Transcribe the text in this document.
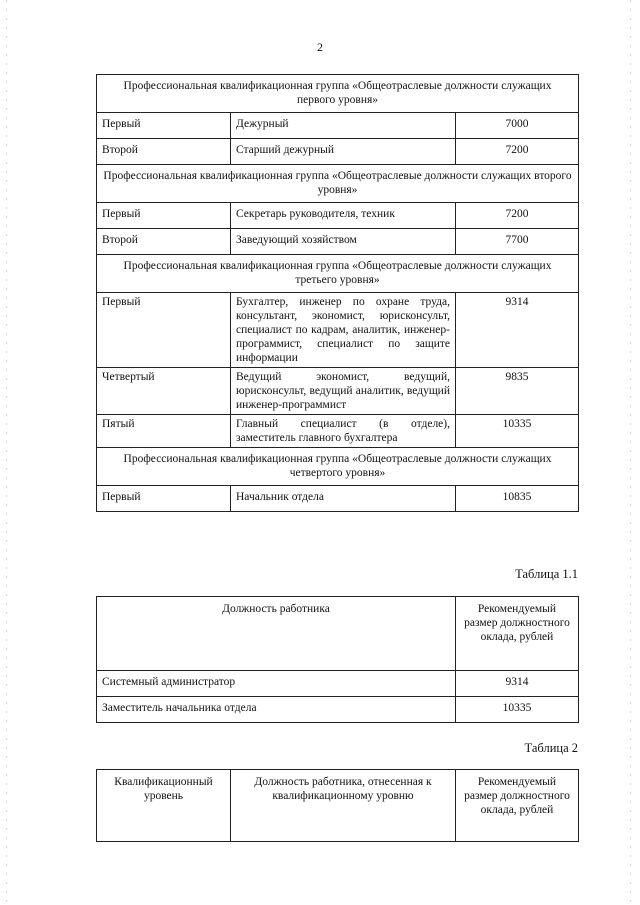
2
Профессиональная квалификационная группа «Общеотраслевые должности служащих первого уровня»		
Первый	Дежурный	7000
Второй	Старший дежурный	7200
Профессиональная квалификационная группа «Общеотраслевые должности служащих второго уровня»		
Первый	Секретарь руководителя, техник	7200
Второй	Заведующий хозяйством	7700
Профессиональная квалификационная группа «Общеотраслевые должности служащих третьего уровня»		
Первый	Бухгалтер, инженер по охране труда, консультант, экономист, юрисконсульт, специалист по кадрам, аналитик, инженер-программист, специалист по защите информации	9314
Четвертый	Ведущий экономист, ведущий, юрисконсульт, ведущий аналитик, ведущий инженер-программист	9835
Пятый	Главный специалист (в отделе), заместитель главного бухгалтера	10335
Профессиональная квалификационная группа «Общеотраслевые должности служащих четвертого уровня»		
Первый	Начальник отдела	10835
Таблица 1.1
Должность работника	Рекомендуемый размер должностного оклада, рублей
Системный администратор	9314
Заместитель начальника отдела	10335
Таблица 2
Квалификационный уровень	Должность работника, отнесенная к квалификационному уровню	Рекомендуемый размер должностного оклада, рублей
